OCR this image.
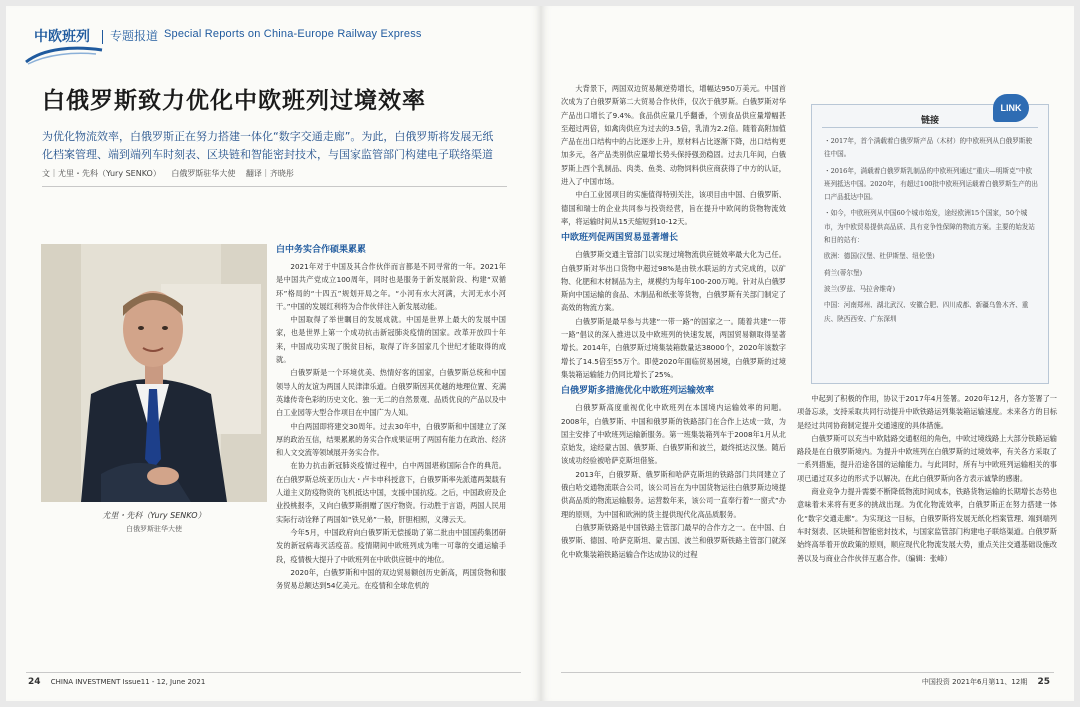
中欧班列 专题报道 Special Reports on China-Europe Railway Express
白俄罗斯致力优化中欧班列过境效率
为优化物流效率，白俄罗斯正在努力搭建一体化“数字交通走廊”。为此，白俄罗斯将发展无纸化档案管理、端到端列车时刻表、区块链和智能密封技术，与国家监管部门构建电子联络渠道
文｜尤里・先科（Yury SENKO） 白俄罗斯驻华大使 翻译｜齐晓彤
尤里・先科（Yury SENKO）
白俄罗斯驻华大使
白中务实合作硕果累累

2021年对于中国及其合作伙伴而言都是不同寻常的一年。2021年是中国共产党成立100周年，同时也是服务于新发展阶段、构建“双循环”格局的“十四五”规划开局之年。“小河有水大河满，大河无水小河干。”中国的发展红利将为合作伙伴注入新发展动能。

中国取得了举世瞩目的发展成就。中国是世界上最大的发展中国家，也是世界上第一个成功抗击新冠肺炎疫情的国家。改革开放四十年来，中国成功实现了脱贫目标，取得了许多国家几个世纪才能取得的成就。

白俄罗斯是一个环境优美、热情好客的国家，白俄罗斯总统和中国领导人的友谊为两国人民津津乐道。白俄罗斯因其优越的地理位置、充满英雄传奇色彩的历史文化、独一无二的自然景观、品质优良的产品以及中白工业园等大型合作项目在中国广为人知。

中白两国即将建交30周年。过去30年中，白俄罗斯和中国建立了深厚的政治互信，结果累累的务实合作成果证明了两国有能力在政治、经济和人文交流等领域展开务实合作。

在协力抗击新冠肺炎疫情过程中，白中两国堪称国际合作的典范。在白俄罗斯总统亚历山大・卢卡申科授意下，白俄罗斯率先派遣两架载有人道主义防疫物资的飞机抵达中国，支援中国抗疫。之后，中国政府及企业投桃报李，又向白俄罗斯捐赠了医疗物资。行动胜于言语，两国人民用实际行动诠释了两国如“铁兄弟”一般，肝胆相照，义薄云天。

今年5月，中国政府向白俄罗斯无偿援助了第二批由中国国药集团研发的新冠病毒灭活疫苗。疫情期间中欧班列成为唯一可靠的交通运输手段，疫情极大提升了中欧班列在中欧供应链中的地位。

2020年，白俄罗斯和中国的双边贸易额创历史新高，两国货物和服务贸易总额达到54亿美元。在疫情和全球危机的

24 CHINA INVESTMENT Issue11 - 12, June 2021

大背景下，两国双边贸易额逆势增长，增幅达950万美元。中国首次成为了白俄罗斯第二大贸易合作伙伴，仅次于俄罗斯。白俄罗斯对华产品出口增长了9.4%。食品供应量几乎翻番，个别食品供应量增幅甚至超过两倍，如禽肉供应为过去的3.5倍，乳清为2.2倍。随着高附加值产品在出口结构中的占比逐步上升，原材料占比逐渐下降，出口结构更加多元，各产品类别供应量增长势头保持强劲稳固。过去几年间，白俄罗斯上西个乳制品、肉类、鱼类、动物饲料供应商获得了中方的认证，进入了中国市场。

中白工业园项目的实施值得特别关注，该项目由中国、白俄罗斯、德国和瑞士的企业共同参与投资经营，旨在提升中欧间的货物物流效率，将运输时间从15天缩短到10-12天。

中欧班列促两国贸易显著增长

白俄罗斯交通主管部门以实现过境物流供应链效率最大化为己任。白俄罗斯对华出口货物中超过98%是由铁水联运的方式完成的，以矿物、化肥和木材制品为主，规模约为每年100-200万吨。针对从白俄罗斯向中国运输的食品、木制品和纸张等货物，白俄罗斯有关部门制定了高效的物流方案。

白俄罗斯是最早参与共建“一带一路”的国家之一。随着共建“一带一路”倡议的深入推进以及中欧班列的快速发展，两国贸易额取得显著增长。2014年，白俄罗斯过境集装箱数量达38000个，2020年该数字增长了14.5倍至55万个。即使2020年面临贸易困境，白俄罗斯的过境集装箱运输能力仍同比增长了25%。

白俄罗斯多措施优化中欧班列运输效率

白俄罗斯高度重视优化中欧班列在本国境内运输效率的问题。2008年，白俄罗斯、中国和俄罗斯的铁路部门在合作上达成一致，为国主安排了中欧班列运输新服务。第一班集装箱列车于2008年1月从北京始发，途经蒙古国、俄罗斯、白俄罗斯和波兰，最终抵达汉堡。随后该成功经验被哈萨克斯坦借鉴。

2013年，白俄罗斯、俄罗斯和哈萨克斯坦的铁路部门共同建立了俄白哈交通物流联合公司，该公司旨在为中国货物运往白俄罗斯边境提供高品质的物流运输服务。运营数年来，该公司一直奉行着“一窗式”办理的原则，为中国和欧洲的货主提供现代化高品质服务。

白俄罗斯铁路是中国铁路主管部门最早的合作方之一。在中国、白俄罗斯、德国、哈萨克斯坦、蒙古国、波兰和俄罗斯铁路主管部门就深化中欧集装箱铁路运输合作达成协议的过程

链接

・2017年，首个满载着白俄罗斯产品（木材）的中欧班列从白俄罗斯驶往中国。

・2016年，满载着白俄罗斯乳制品的中欧班列通过“重庆—明斯克”中欧班列抵达中国。2020年，有超过100批中欧班列运载着白俄罗斯生产的出口产品抵达中国。

・如今，中欧班列从中国60个城市始发，途经欧洲15个国家，50个城市，为中欧贸易提供高品质、具有竞争性保障的物流方案。主要的始发站和目的站有：

欧洲：德国(汉堡、杜伊斯堡、纽伦堡)

荷兰(蒂尔堡)

波兰(罗兹、马拉舍维奇)

中国：河南郑州、湖北武汉、安徽合肥、四川成都、新疆乌鲁木齐、重庆、陕西西安、广东深圳

LINK

中起到了积极的作用，协议于2017年4月签署。2020年12月，各方签署了一项备忘录，支持采取共同行动提升中欧铁路运列集装箱运输速度。未来各方的目标是经过共同协商制定提升交通速度的具体措施。

白俄罗斯可以充当中欧陆路交通枢纽的角色，中欧过境线路上大部分铁路运输路段是在白俄罗斯境内。为提升中欧班列在白俄罗斯的过境效率，有关各方采取了一系列措施，提升沿途各国的运输能力。与此同时，所有与中欧班列运输相关的事项已通过双多边的形式予以解决。在此白俄罗斯向各方表示诚挚的感谢。

商业竞争力提升需要不断降低物流时间成本，铁路货物运输的长期增长态势也意味着未来将有更多的挑战出现。为优化物流效率，白俄罗斯正在努力搭建一体化“数字交通走廊”。为实现这一目标，白俄罗斯将发展无纸化档案管理、端到端列车时刻表、区块链和智能密封技术，与国家监管部门构建电子联络渠道。白俄罗斯始终高举着开放政策的原则，顺应现代化物流发展大势，重点关注交通基础设施改善以及与商业合作伙伴互惠合作。（编辑：张峰）

中国投资 2021年6月第11、12期 25
